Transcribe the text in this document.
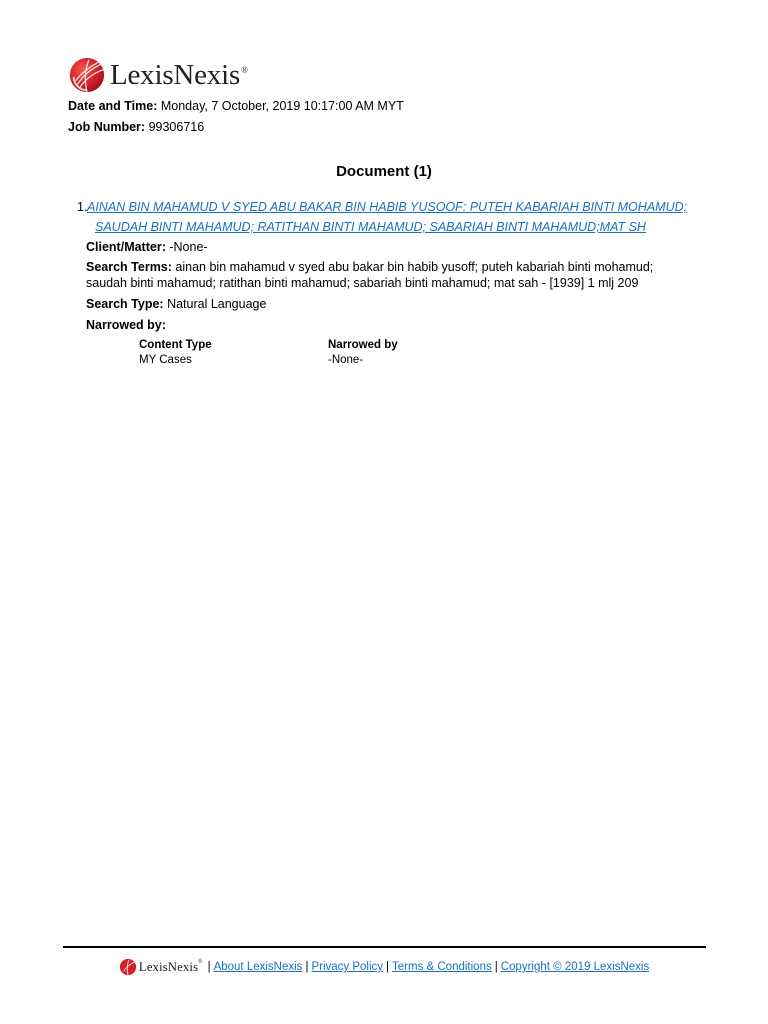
LexisNexis®
Date and Time: Monday, 7 October, 2019 10:17:00 AM MYT
Job Number: 99306716
Document (1)
1. AINAN BIN MAHAMUD V SYED ABU BAKAR BIN HABIB YUSOOF: PUTEH KABARIAH BINTI MOHAMUD;
SAUDAH BINTI MAHAMUD; RATITHAN BINTI MAHAMUD; SABARIAH BINTI MAHAMUD;MAT SH
Client/Matter: -None-
Search Terms: ainan bin mahamud v syed abu bakar bin habib yusoff; puteh kabariah binti mohamud; saudah binti mahamud; ratithan binti mahamud; sabariah binti mahamud; mat sah - [1939] 1 mlj 209
Search Type: Natural Language
Narrowed by:
Content Type
MY Cases
Narrowed by
-None-
LexisNexis® | About LexisNexis | Privacy Policy | Terms & Conditions | Copyright © 2019 LexisNexis
